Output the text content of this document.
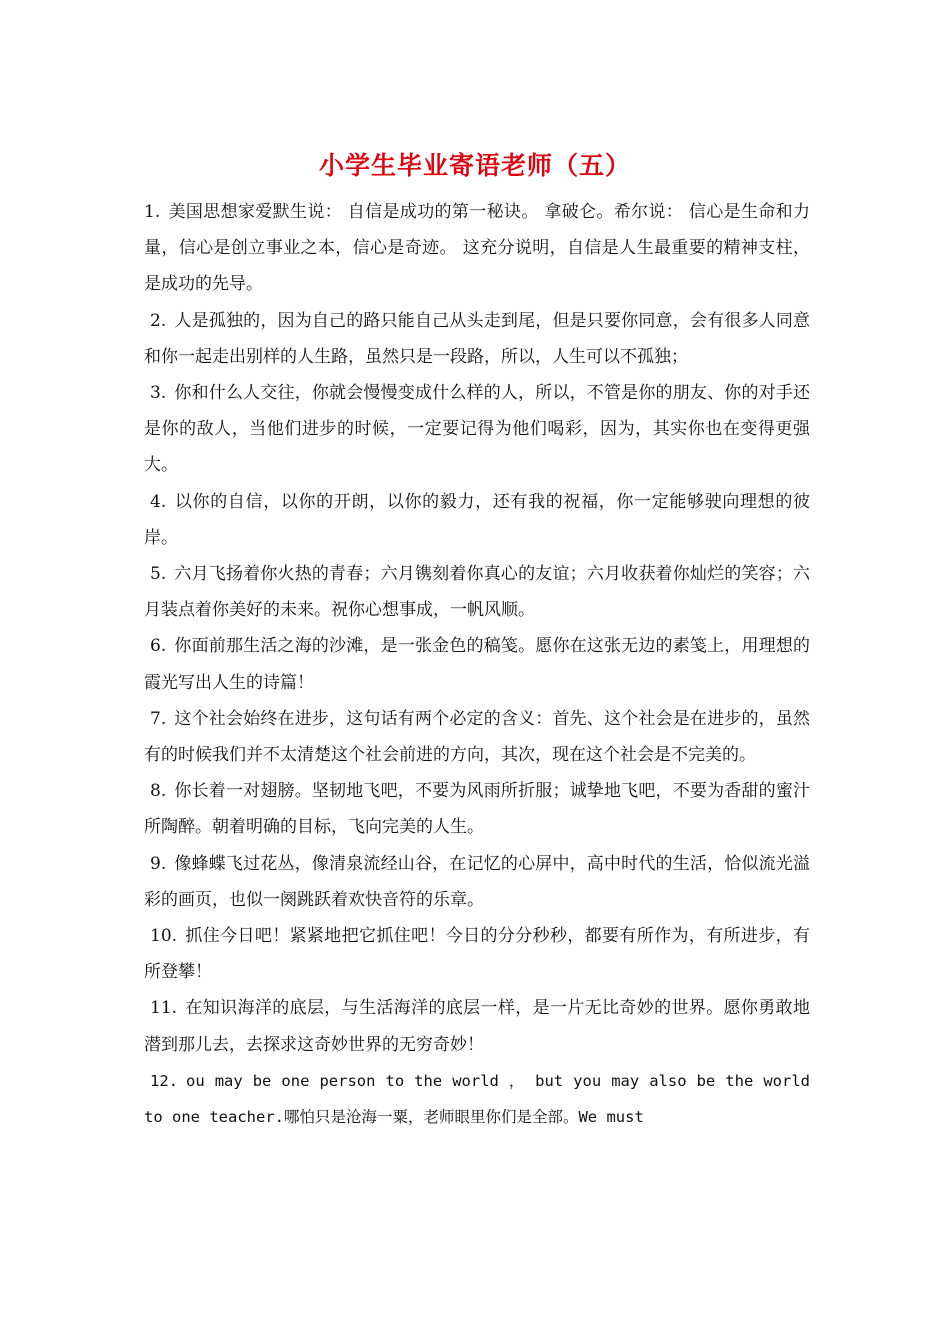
小学生毕业寄语老师（五）

1. 美国思想家爱默生说： 自信是成功的第一秘诀。 拿破仑。希尔说： 信心是生命和力量，信心是创立事业之本，信心是奇迹。 这充分说明，自信是人生最重要的精神支柱，是成功的先导。

2. 人是孤独的，因为自己的路只能自己从头走到尾，但是只要你同意，会有很多人同意和你一起走出别样的人生路，虽然只是一段路，所以，人生可以不孤独；

3. 你和什么人交往，你就会慢慢变成什么样的人，所以，不管是你的朋友、你的对手还是你的敌人，当他们进步的时候，一定要记得为他们喝彩，因为，其实你也在变得更强大。

4. 以你的自信，以你的开朗，以你的毅力，还有我的祝福，你一定能够驶向理想的彼岸。

5. 六月飞扬着你火热的青春；六月镌刻着你真心的友谊；六月收获着你灿烂的笑容；六月装点着你美好的未来。祝你心想事成，一帆风顺。

6. 你面前那生活之海的沙滩，是一张金色的稿笺。愿你在这张无边的素笺上，用理想的霞光写出人生的诗篇！

7. 这个社会始终在进步，这句话有两个必定的含义：首先、这个社会是在进步的，虽然有的时候我们并不太清楚这个社会前进的方向，其次，现在这个社会是不完美的。

8. 你长着一对翅膀。坚韧地飞吧，不要为风雨所折服；诚挚地飞吧，不要为香甜的蜜汁所陶醉。朝着明确的目标，飞向完美的人生。

9. 像蜂蝶飞过花丛，像清泉流经山谷，在记忆的心屏中，高中时代的生活，恰似流光溢彩的画页，也似一阕跳跃着欢快音符的乐章。

10. 抓住今日吧！紧紧地把它抓住吧！今日的分分秒秒，都要有所作为，有所进步，有所登攀！

11. 在知识海洋的底层，与生活海洋的底层一样，是一片无比奇妙的世界。愿你勇敢地潜到那儿去，去探求这奇妙世界的无穷奇妙！

12. ou may be one person to the world ， but you may also be the world to one teacher.哪怕只是沧海一粟，老师眼里你们是全部。We must
